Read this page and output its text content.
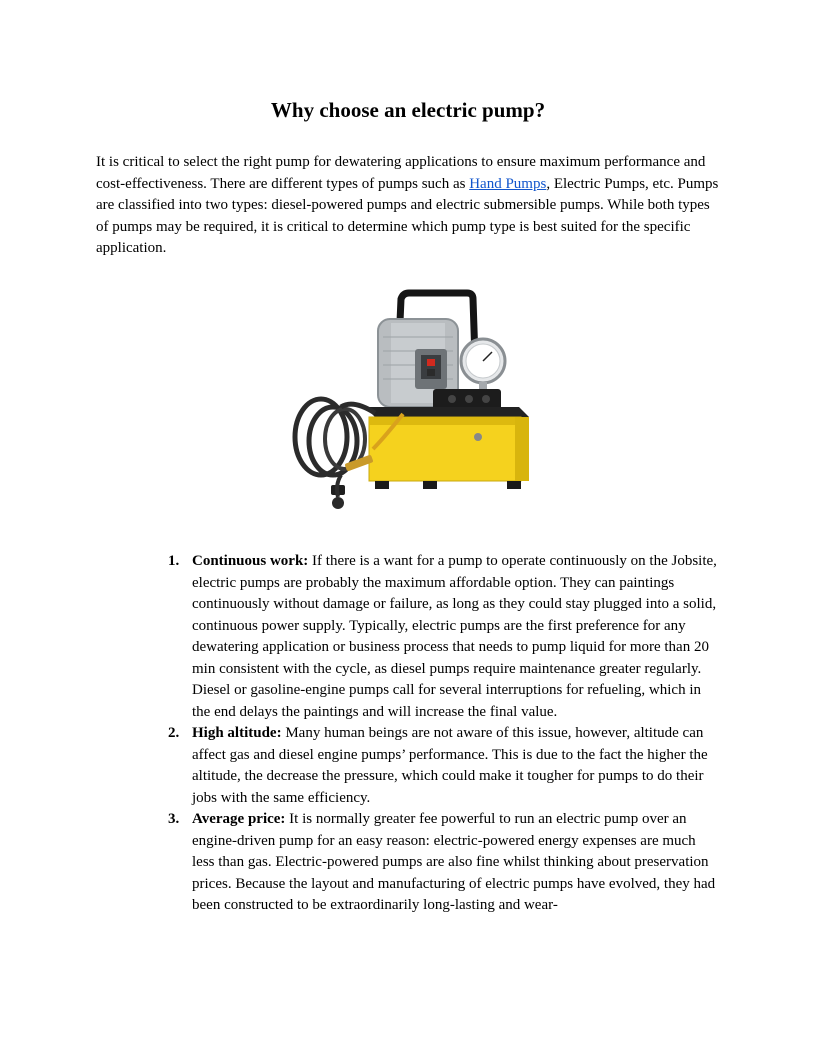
Why choose an electric pump?

It is critical to select the right pump for dewatering applications to ensure maximum performance and cost-effectiveness. There are different types of pumps such as Hand Pumps, Electric Pumps, etc. Pumps are classified into two types: diesel-powered pumps and electric submersible pumps. While both types of pumps may be required, it is critical to determine which pump type is best suited for the specific application.

1. Continuous work: If there is a want for a pump to operate continuously on the Jobsite, electric pumps are probably the maximum affordable option. They can paintings continuously without damage or failure, as long as they could stay plugged into a solid, continuous power supply. Typically, electric pumps are the first preference for any dewatering application or business process that needs to pump liquid for more than 20 min consistent with the cycle, as diesel pumps require maintenance greater regularly. Diesel or gasoline-engine pumps call for several interruptions for refueling, which in the end delays the paintings and will increase the final value.
2. High altitude: Many human beings are not aware of this issue, however, altitude can affect gas and diesel engine pumps’ performance. This is due to the fact the higher the altitude, the decrease the pressure, which could make it tougher for pumps to do their jobs with the same efficiency.
3. Average price: It is normally greater fee powerful to run an electric pump over an engine-driven pump for an easy reason: electric-powered energy expenses are much less than gas. Electric-powered pumps are also fine whilst thinking about preservation prices. Because the layout and manufacturing of electric pumps have evolved, they had been constructed to be extraordinarily long-lasting and wear-
